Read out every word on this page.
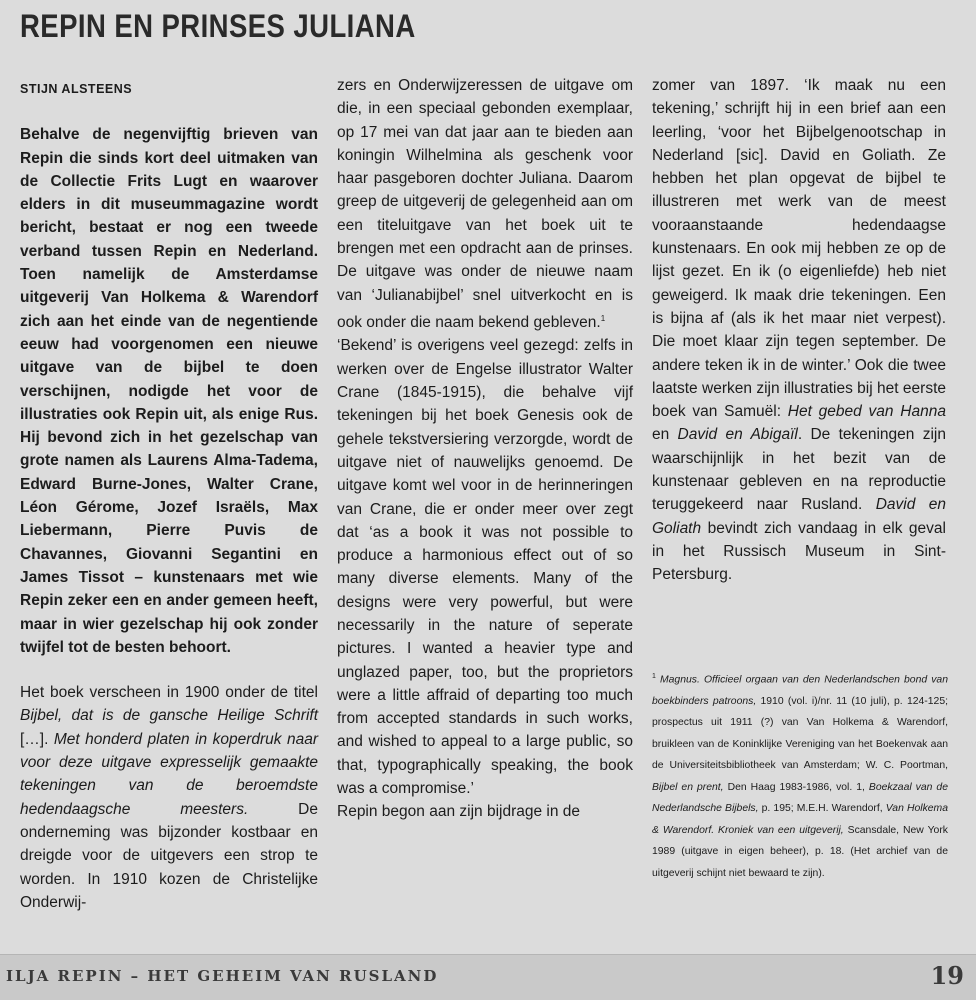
REPIN EN PRINSES JULIANA
STIJN ALSTEENS

Behalve de negenvijftig brieven van Repin die sinds kort deel uitmaken van de Collectie Frits Lugt en waarover elders in dit museummagazine wordt bericht, bestaat er nog een tweede verband tussen Repin en Nederland. Toen namelijk de Amsterdamse uitgeverij Van Holkema & Warendorf zich aan het einde van de negentiende eeuw had voorgenomen een nieuwe uitgave van de bijbel te doen verschijnen, nodigde het voor de illustraties ook Repin uit, als enige Rus. Hij bevond zich in het gezelschap van grote namen als Laurens Alma-Tadema, Edward Burne-Jones, Walter Crane, Léon Gérome, Jozef Israëls, Max Liebermann, Pierre Puvis de Chavannes, Giovanni Segantini en James Tissot – kunstenaars met wie Repin zeker een en ander gemeen heeft, maar in wier gezelschap hij ook zonder twijfel tot de besten behoort.

Het boek verscheen in 1900 onder de titel Bijbel, dat is de gansche Heilige Schrift […]. Met honderd platen in koperdruk naar voor deze uitgave expresselijk gemaakte tekeningen van de beroemdste hedendaagsche meesters. De onderneming was bijzonder kostbaar en dreigde voor de uitgevers een strop te worden. In 1910 kozen de Christelijke Onderwij-

zers en Onderwijzeressen de uitgave om die, in een speciaal gebonden exemplaar, op 17 mei van dat jaar aan te bieden aan koningin Wilhelmina als geschenk voor haar pasgeboren dochter Juliana. Daarom greep de uitgeverij de gelegenheid aan om een titeluitgave van het boek uit te brengen met een opdracht aan de prinses. De uitgave was onder de nieuwe naam van ‘Julianabijbel’ snel uitverkocht en is ook onder die naam bekend gebleven.$^1$

‘Bekend’ is overigens veel gezegd: zelfs in werken over de Engelse illustrator Walter Crane (1845-1915), die behalve vijf tekeningen bij het boek Genesis ook de gehele tekstversiering verzorgde, wordt de uitgave niet of nauwelijks genoemd. De uitgave komt wel voor in de herinneringen van Crane, die er onder meer over zegt dat ‘as a book it was not possible to produce a harmonious effect out of so many diverse elements. Many of the designs were very powerful, but were necessarily in the nature of seperate pictures. I wanted a heavier type and unglazed paper, too, but the proprietors were a little affraid of departing too much from accepted standards in such works, and wished to appeal to a large public, so that, typographically speaking, the book was a compromise.’

Repin begon aan zijn bijdrage in de

zomer van 1897. ‘Ik maak nu een tekening,’ schrijft hij in een brief aan een leerling, ‘voor het Bijbelgenootschap in Nederland [sic]. David en Goliath. Ze hebben het plan opgevat de bijbel te illustreren met werk van de meest vooraanstaande hedendaagse kunstenaars. En ook mij hebben ze op de lijst gezet. En ik (o eigenliefde) heb niet geweigerd. Ik maak drie tekeningen. Een is bijna af (als ik het maar niet verpest). Die moet klaar zijn tegen september. De andere teken ik in de winter.’ Ook die twee laatste werken zijn illustraties bij het eerste boek van Samuël: Het gebed van Hanna en David en Abigaïl. De tekeningen zijn waarschijnlijk in het bezit van de kunstenaar gebleven en na reproductie teruggekeerd naar Rusland. David en Goliath bevindt zich vandaag in elk geval in het Russisch Museum in Sint-Petersburg.

$^1$ Magnus. Officieel orgaan van den Nederlandschen bond van boekbinders patroons, 1910 (vol. i)/nr. 11 (10 juli), p. 124-125; prospectus uit 1911 (?) van Van Holkema & Warendorf, bruikleen van de Koninklijke Vereniging van het Boekenvak aan de Universiteitsbibliotheek van Amsterdam; W. C. Poortman, Bijbel en prent, Den Haag 1983-1986, vol. 1, Boekzaal van de Nederlandsche Bijbels, p. 195; M.E.H. Warendorf, Van Holkema & Warendorf. Kroniek van een uitgeverij, Scansdale, New York 1989 (uitgave in eigen beheer), p. 18. (Het archief van de uitgeverij schijnt niet bewaard te zijn).
ILJA REPIN – HET GEHEIM VAN RUSLAND	19
